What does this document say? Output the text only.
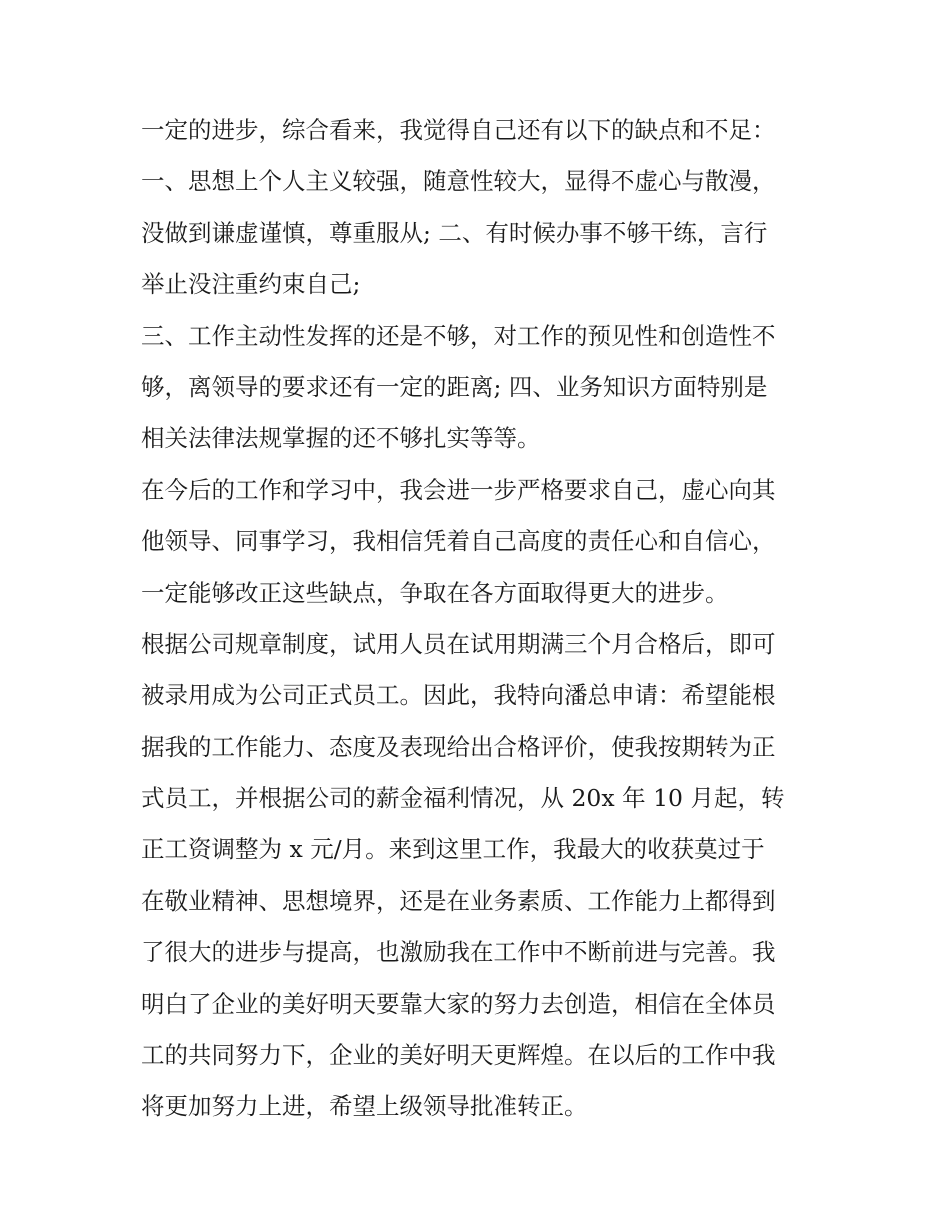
一定的进步，综合看来，我觉得自己还有以下的缺点和不足：
一、思想上个人主义较强，随意性较大，显得不虚心与散漫，
没做到谦虚谨慎，尊重服从; 二、有时候办事不够干练，言行
举止没注重约束自己;
三、工作主动性发挥的还是不够，对工作的预见性和创造性不
够，离领导的要求还有一定的距离; 四、业务知识方面特别是
相关法律法规掌握的还不够扎实等等。
在今后的工作和学习中，我会进一步严格要求自己，虚心向其
他领导、同事学习，我相信凭着自己高度的责任心和自信心，
一定能够改正这些缺点，争取在各方面取得更大的进步。
根据公司规章制度，试用人员在试用期满三个月合格后，即可
被录用成为公司正式员工。因此，我特向潘总申请：希望能根
据我的工作能力、态度及表现给出合格评价，使我按期转为正
式员工，并根据公司的薪金福利情况，从 20x 年 10 月起，转
正工资调整为 x 元/月。来到这里工作，我最大的收获莫过于
在敬业精神、思想境界，还是在业务素质、工作能力上都得到
了很大的进步与提高，也激励我在工作中不断前进与完善。我
明白了企业的美好明天要靠大家的努力去创造，相信在全体员
工的共同努力下，企业的美好明天更辉煌。在以后的工作中我
将更加努力上进，希望上级领导批准转正。
